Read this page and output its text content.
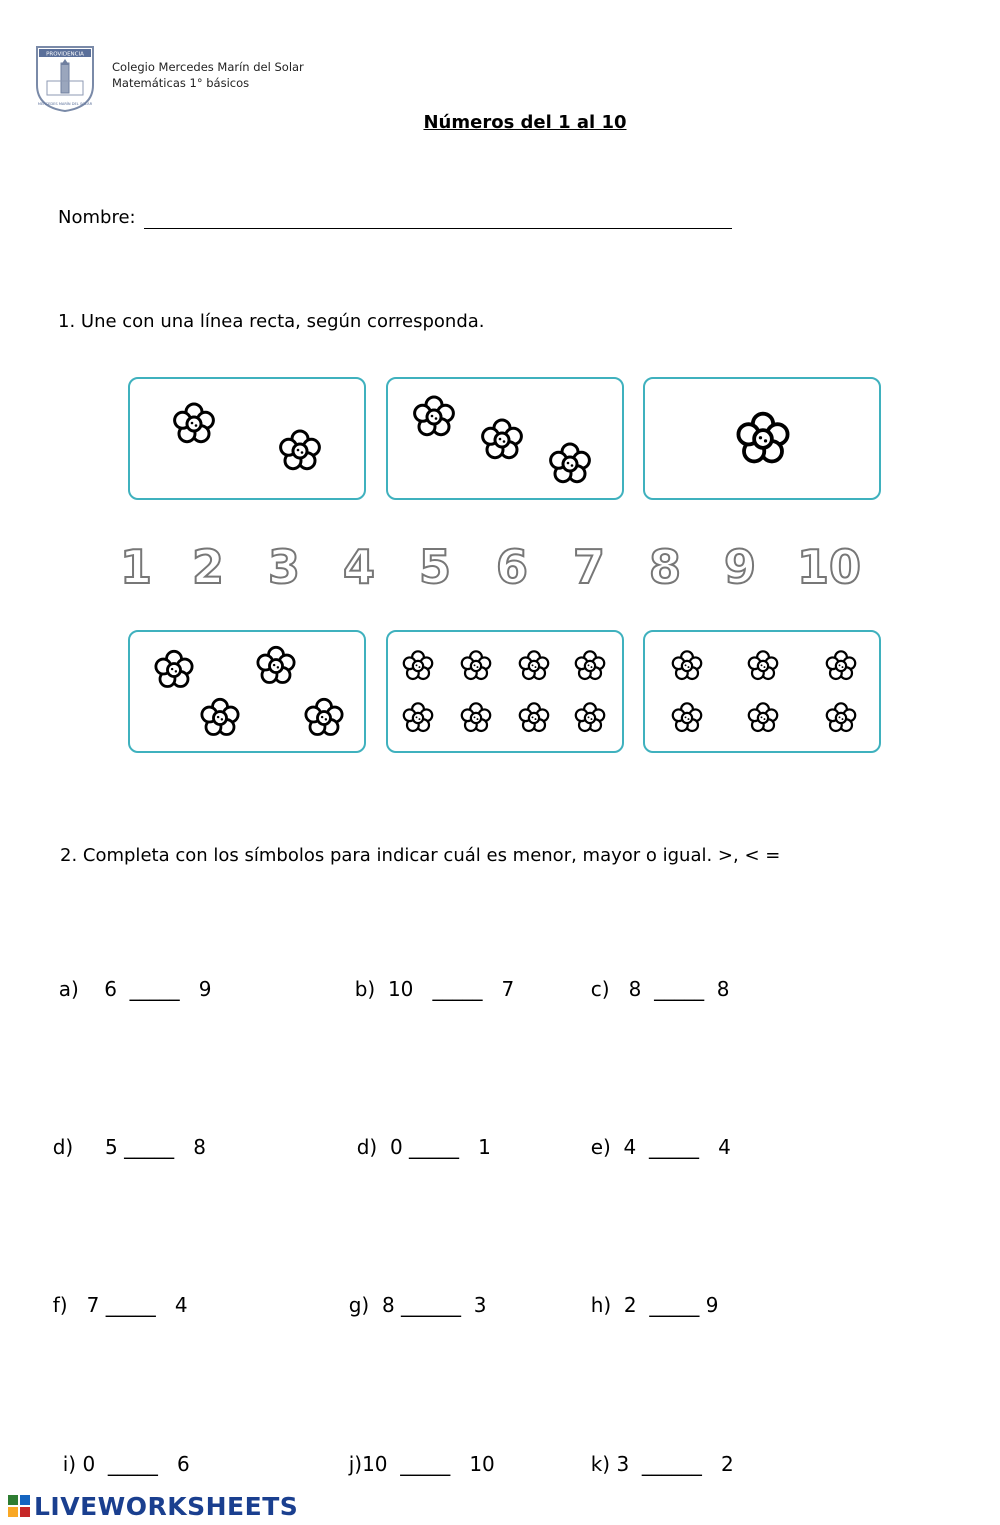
PROVIDENCIA
MERCEDES MARÍN DEL SOLAR
Colegio Mercedes Marín del Solar
Matemáticas 1° básicos
Números del 1 al 10
Nombre:
1. Une con una línea recta, según corresponda.
1 2 3 4 5 6 7 8 9 10
2. Completa con los símbolos para indicar cuál es menor, mayor o igual. >, < =

a) 6 _____ 9	b) 10 _____ 7	c) 8 _____ 8

d) 5 _____ 8	d) 0 _____ 1	e) 4 _____ 4

f) 7 _____ 4	g) 8 ______ 3	h) 2 _____ 9

i) 0 _____ 6	j)10 _____ 10	k) 3 ______ 2

LIVEWORKSHEETS
